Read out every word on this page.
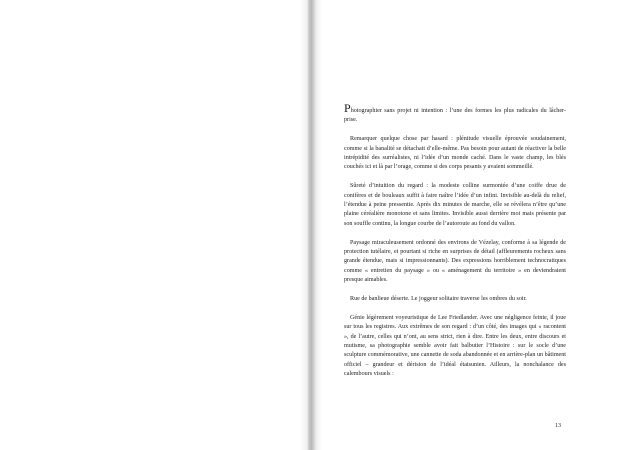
Photographier sans projet ni intention : l’une des formes les plus radicales du lâcher-prise.

Remarquer quelque chose par hasard : plénitude visuelle éprouvée soudainement, comme si la banalité se détachait d’elle-même. Pas besoin pour autant de réactiver la belle intrépidité des surréalistes, ni l’idée d’un monde caché. Dans le vaste champ, les blés couchés ici et là par l’orage, comme si des corps pesants y avaient sommeillé.

Sûreté d’intuition du regard : la modeste colline surmontée d’une coiffe drue de conifères et de bouleaux suffit à faire naître l’idée d’un infini. Invisible au-delà du relief, l’étendue à peine pressentie. Après dix minutes de marche, elle se révélera n’être qu’une plaine céréalière monotone et sans limites. Invisible aussi derrière moi mais présente par son souffle continu, la longue courbe de l’autoroute au fond du vallon.

Paysage miraculeusement ordonné des environs de Vézelay, conforme à sa légende de protection tutélaire, et pourtant si riche en surprises de détail (affleurements rocheux sans grande étendue, mais si impressionnants). Des expressions horriblement technocratiques comme « entretien du paysage » ou « aménagement du territoire » en deviendraient presque aimables.

Rue de banlieue déserte. Le joggeur solitaire traverse les ombres du soir.

Génie légèrement voyeuristique de Lee Friedlander. Avec une négligence feinte, il joue sur tous les registres. Aux extrêmes de son regard : d’un côté, des images qui « racontent », de l’autre, celles qui n’ont, au sens strict, rien à dire. Entre les deux, entre discours et mutisme, sa photographie semble avoir fait balbutier l’Histoire : sur le socle d’une sculpture commémorative, une cannette de soda abandonnée et en arrière-plan un bâtiment officiel – grandeur et dérision de l’idéal étatsunien. Ailleurs, la nonchalance des calembours visuels :

13
